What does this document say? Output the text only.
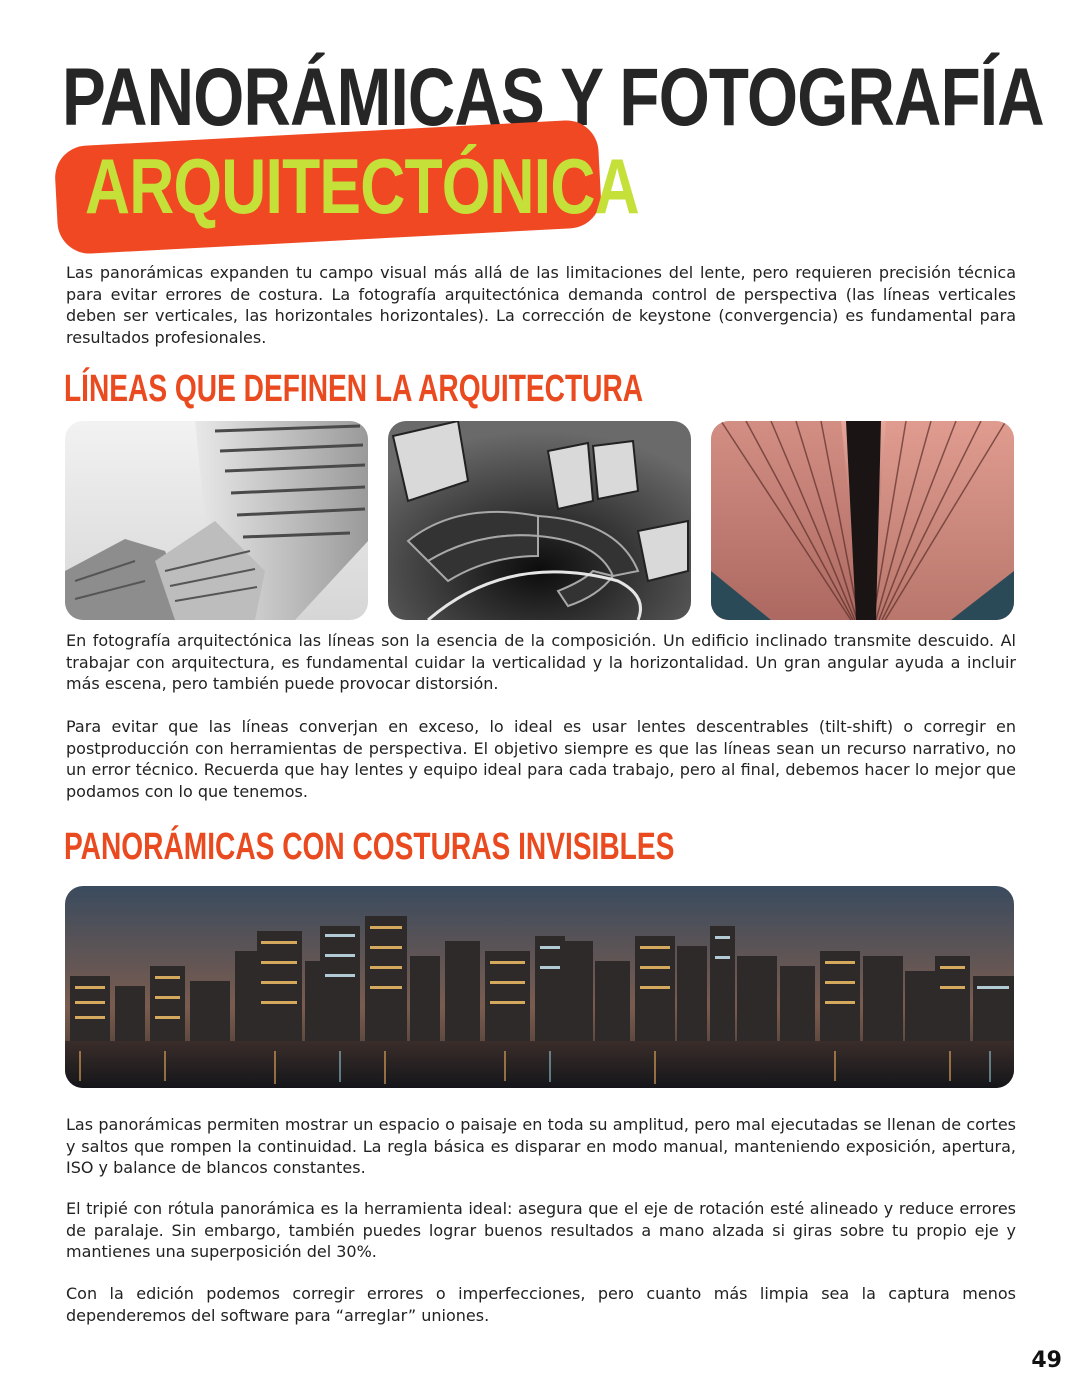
PANORÁMICAS Y FOTOGRAFÍA
ARQUITECTÓNICA

Las panorámicas expanden tu campo visual más allá de las limitaciones del lente, pero requieren precisión técnica para evitar errores de costura. La fotografía arquitectónica demanda control de perspectiva (las líneas verticales deben ser verticales, las horizontales horizontales). La corrección de keystone (convergencia) es fundamental para resultados profesionales.

LÍNEAS QUE DEFINEN LA ARQUITECTURA

En fotografía arquitectónica las líneas son la esencia de la composición. Un edificio inclinado transmite descuido. Al trabajar con arquitectura, es fundamental cuidar la verticalidad y la horizontalidad. Un gran angular ayuda a incluir más escena, pero también puede provocar distorsión.

Para evitar que las líneas converjan en exceso, lo ideal es usar lentes descentrables (tilt-shift) o corregir en postproducción con herramientas de perspectiva. El objetivo siempre es que las líneas sean un recurso narrativo, no un error técnico. Recuerda que hay lentes y equipo ideal para cada trabajo, pero al final, debemos hacer lo mejor que podamos con lo que tenemos.

PANORÁMICAS CON COSTURAS INVISIBLES

Las panorámicas permiten mostrar un espacio o paisaje en toda su amplitud, pero mal ejecutadas se llenan de cortes y saltos que rompen la continuidad. La regla básica es disparar en modo manual, manteniendo exposición, apertura, ISO y balance de blancos constantes.

El tripié con rótula panorámica es la herramienta ideal: asegura que el eje de rotación esté alineado y reduce errores de paralaje. Sin embargo, también puedes lograr buenos resultados a mano alzada si giras sobre tu propio eje y mantienes una superposición del 30%.

Con la edición podemos corregir errores o imperfecciones, pero cuanto más limpia sea la captura menos dependeremos del software para “arreglar” uniones.

49
